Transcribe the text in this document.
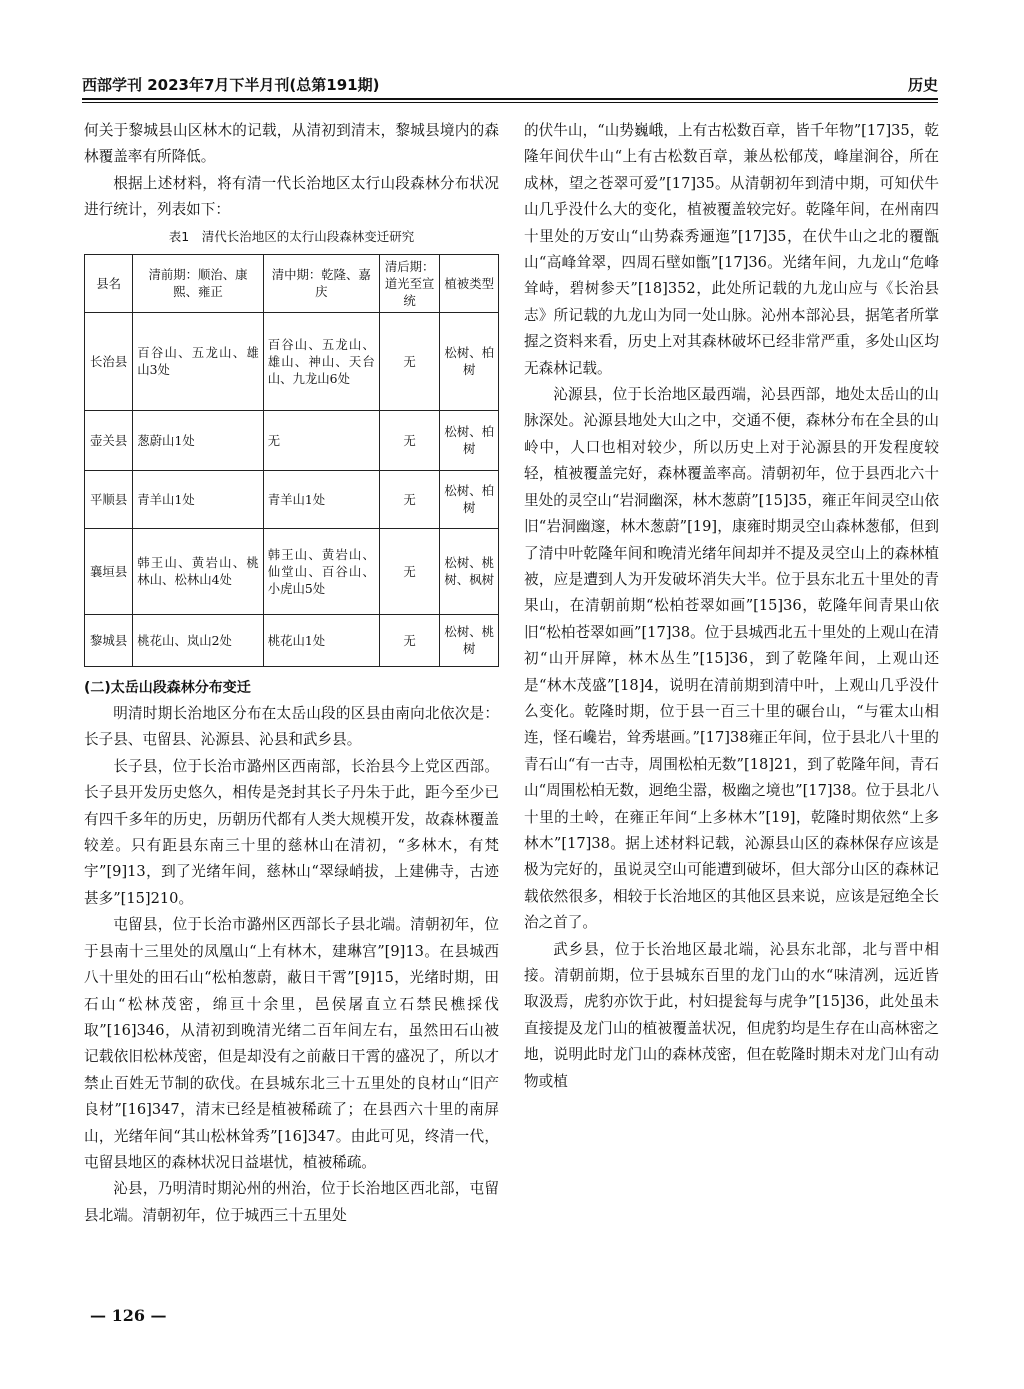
西部学刊 2023年7月下半月刊(总第191期)	历史

何关于黎城县山区林木的记载，从清初到清末，黎城县境内的森林覆盖率有所降低。

根据上述材料，将有清一代长治地区太行山段森林分布状况进行统计，列表如下：

表1　清代长治地区的太行山段森林变迁研究
县名	清前期：顺治、康熙、雍正	清中期：乾隆、嘉庆	清后期：道光至宣统	植被类型
长治县	百谷山、五龙山、雄山3处	百谷山、五龙山、雄山、神山、天台山、九龙山6处	无	松树、柏树
壶关县	葱蔚山1处	无	无	松树、柏树
平顺县	青羊山1处	青羊山1处	无	松树、柏树
襄垣县	韩王山、黄岩山、桃林山、松林山4处	韩王山、黄岩山、仙堂山、百谷山、小虎山5处	无	松树、桃树、枫树
黎城县	桃花山、岚山2处	桃花山1处	无	松树、桃树

(二)太岳山段森林分布变迁

明清时期长治地区分布在太岳山段的区县由南向北依次是：长子县、屯留县、沁源县、沁县和武乡县。

长子县，位于长治市潞州区西南部，长治县今上党区西部。长子县开发历史悠久，相传是尧封其长子丹朱于此，距今至少已有四千多年的历史，历朝历代都有人类大规模开发，故森林覆盖较差。只有距县东南三十里的慈林山在清初，“多林木，有梵宇”[9]13，到了光绪年间，慈林山“翠绿峭拔，上建佛寺，古迹甚多”[15]210。

屯留县，位于长治市潞州区西部长子县北端。清朝初年，位于县南十三里处的凤凰山“上有林木，建琳宫”[9]13。在县城西八十里处的田石山“松柏葱蔚，蔽日干霄”[9]15，光绪时期，田石山“松林茂密，绵亘十余里，邑侯屠直立石禁民樵採伐取”[16]346，从清初到晚清光绪二百年间左右，虽然田石山被记载依旧松林茂密，但是却没有之前蔽日干霄的盛况了，所以才禁止百姓无节制的砍伐。在县城东北三十五里处的良材山“旧产良材”[16]347，清末已经是植被稀疏了；在县西六十里的南屏山，光绪年间“其山松林耸秀”[16]347。由此可见，终清一代，屯留县地区的森林状况日益堪忧，植被稀疏。

沁县，乃明清时期沁州的州治，位于长治地区西北部，屯留县北端。清朝初年，位于城西三十五里处

的伏牛山，“山势巍峨，上有古松数百章，皆千年物”[17]35，乾隆年间伏牛山“上有古松数百章，兼丛松郁茂，峰崖涧谷，所在成林，望之苍翠可爱”[17]35。从清朝初年到清中期，可知伏牛山几乎没什么大的变化，植被覆盖较完好。乾隆年间，在州南四十里处的万安山“山势森秀逦迤”[17]35，在伏牛山之北的覆甑山“高峰耸翠，四周石壁如甑”[17]36。光绪年间，九龙山“危峰耸峙，碧树参天”[18]352，此处所记载的九龙山应与《长治县志》所记载的九龙山为同一处山脉。沁州本部沁县，据笔者所掌握之资料来看，历史上对其森林破坏已经非常严重，多处山区均无森林记载。

沁源县，位于长治地区最西端，沁县西部，地处太岳山的山脉深处。沁源县地处大山之中，交通不便，森林分布在全县的山岭中，人口也相对较少，所以历史上对于沁源县的开发程度较轻，植被覆盖完好，森林覆盖率高。清朝初年，位于县西北六十里处的灵空山“岩洞幽深，林木葱蔚”[15]35，雍正年间灵空山依旧“岩洞幽邃，林木葱蔚”[19]，康雍时期灵空山森林葱郁，但到了清中叶乾隆年间和晚清光绪年间却并不提及灵空山上的森林植被，应是遭到人为开发破坏消失大半。位于县东北五十里处的青果山，在清朝前期“松柏苍翠如画”[15]36，乾隆年间青果山依旧“松柏苍翠如画”[17]38。位于县城西北五十里处的上观山在清初“山开屏障，林木丛生”[15]36，到了乾隆年间，上观山还是“林木茂盛”[18]4，说明在清前期到清中叶，上观山几乎没什么变化。乾隆时期，位于县一百三十里的碾台山，“与霍太山相连，怪石巉岩，耸秀堪画。”[17]38雍正年间，位于县北八十里的青石山“有一古寺，周围松柏无数”[18]21，到了乾隆年间，青石山“周围松柏无数，迥绝尘嚣，极幽之境也”[17]38。位于县北八十里的土岭，在雍正年间“上多林木”[19]，乾隆时期依然“上多林木”[17]38。据上述材料记载，沁源县山区的森林保存应该是极为完好的，虽说灵空山可能遭到破坏，但大部分山区的森林记载依然很多，相较于长治地区的其他区县来说，应该是冠绝全长治之首了。

武乡县，位于长治地区最北端，沁县东北部，北与晋中相接。清朝前期，位于县城东百里的龙门山的水“味清冽，远近皆取汲焉，虎豹亦饮于此，村妇提瓮每与虎争”[15]36，此处虽未直接提及龙门山的植被覆盖状况，但虎豹均是生存在山高林密之地，说明此时龙门山的森林茂密，但在乾隆时期未对龙门山有动物或植

— 126 —
